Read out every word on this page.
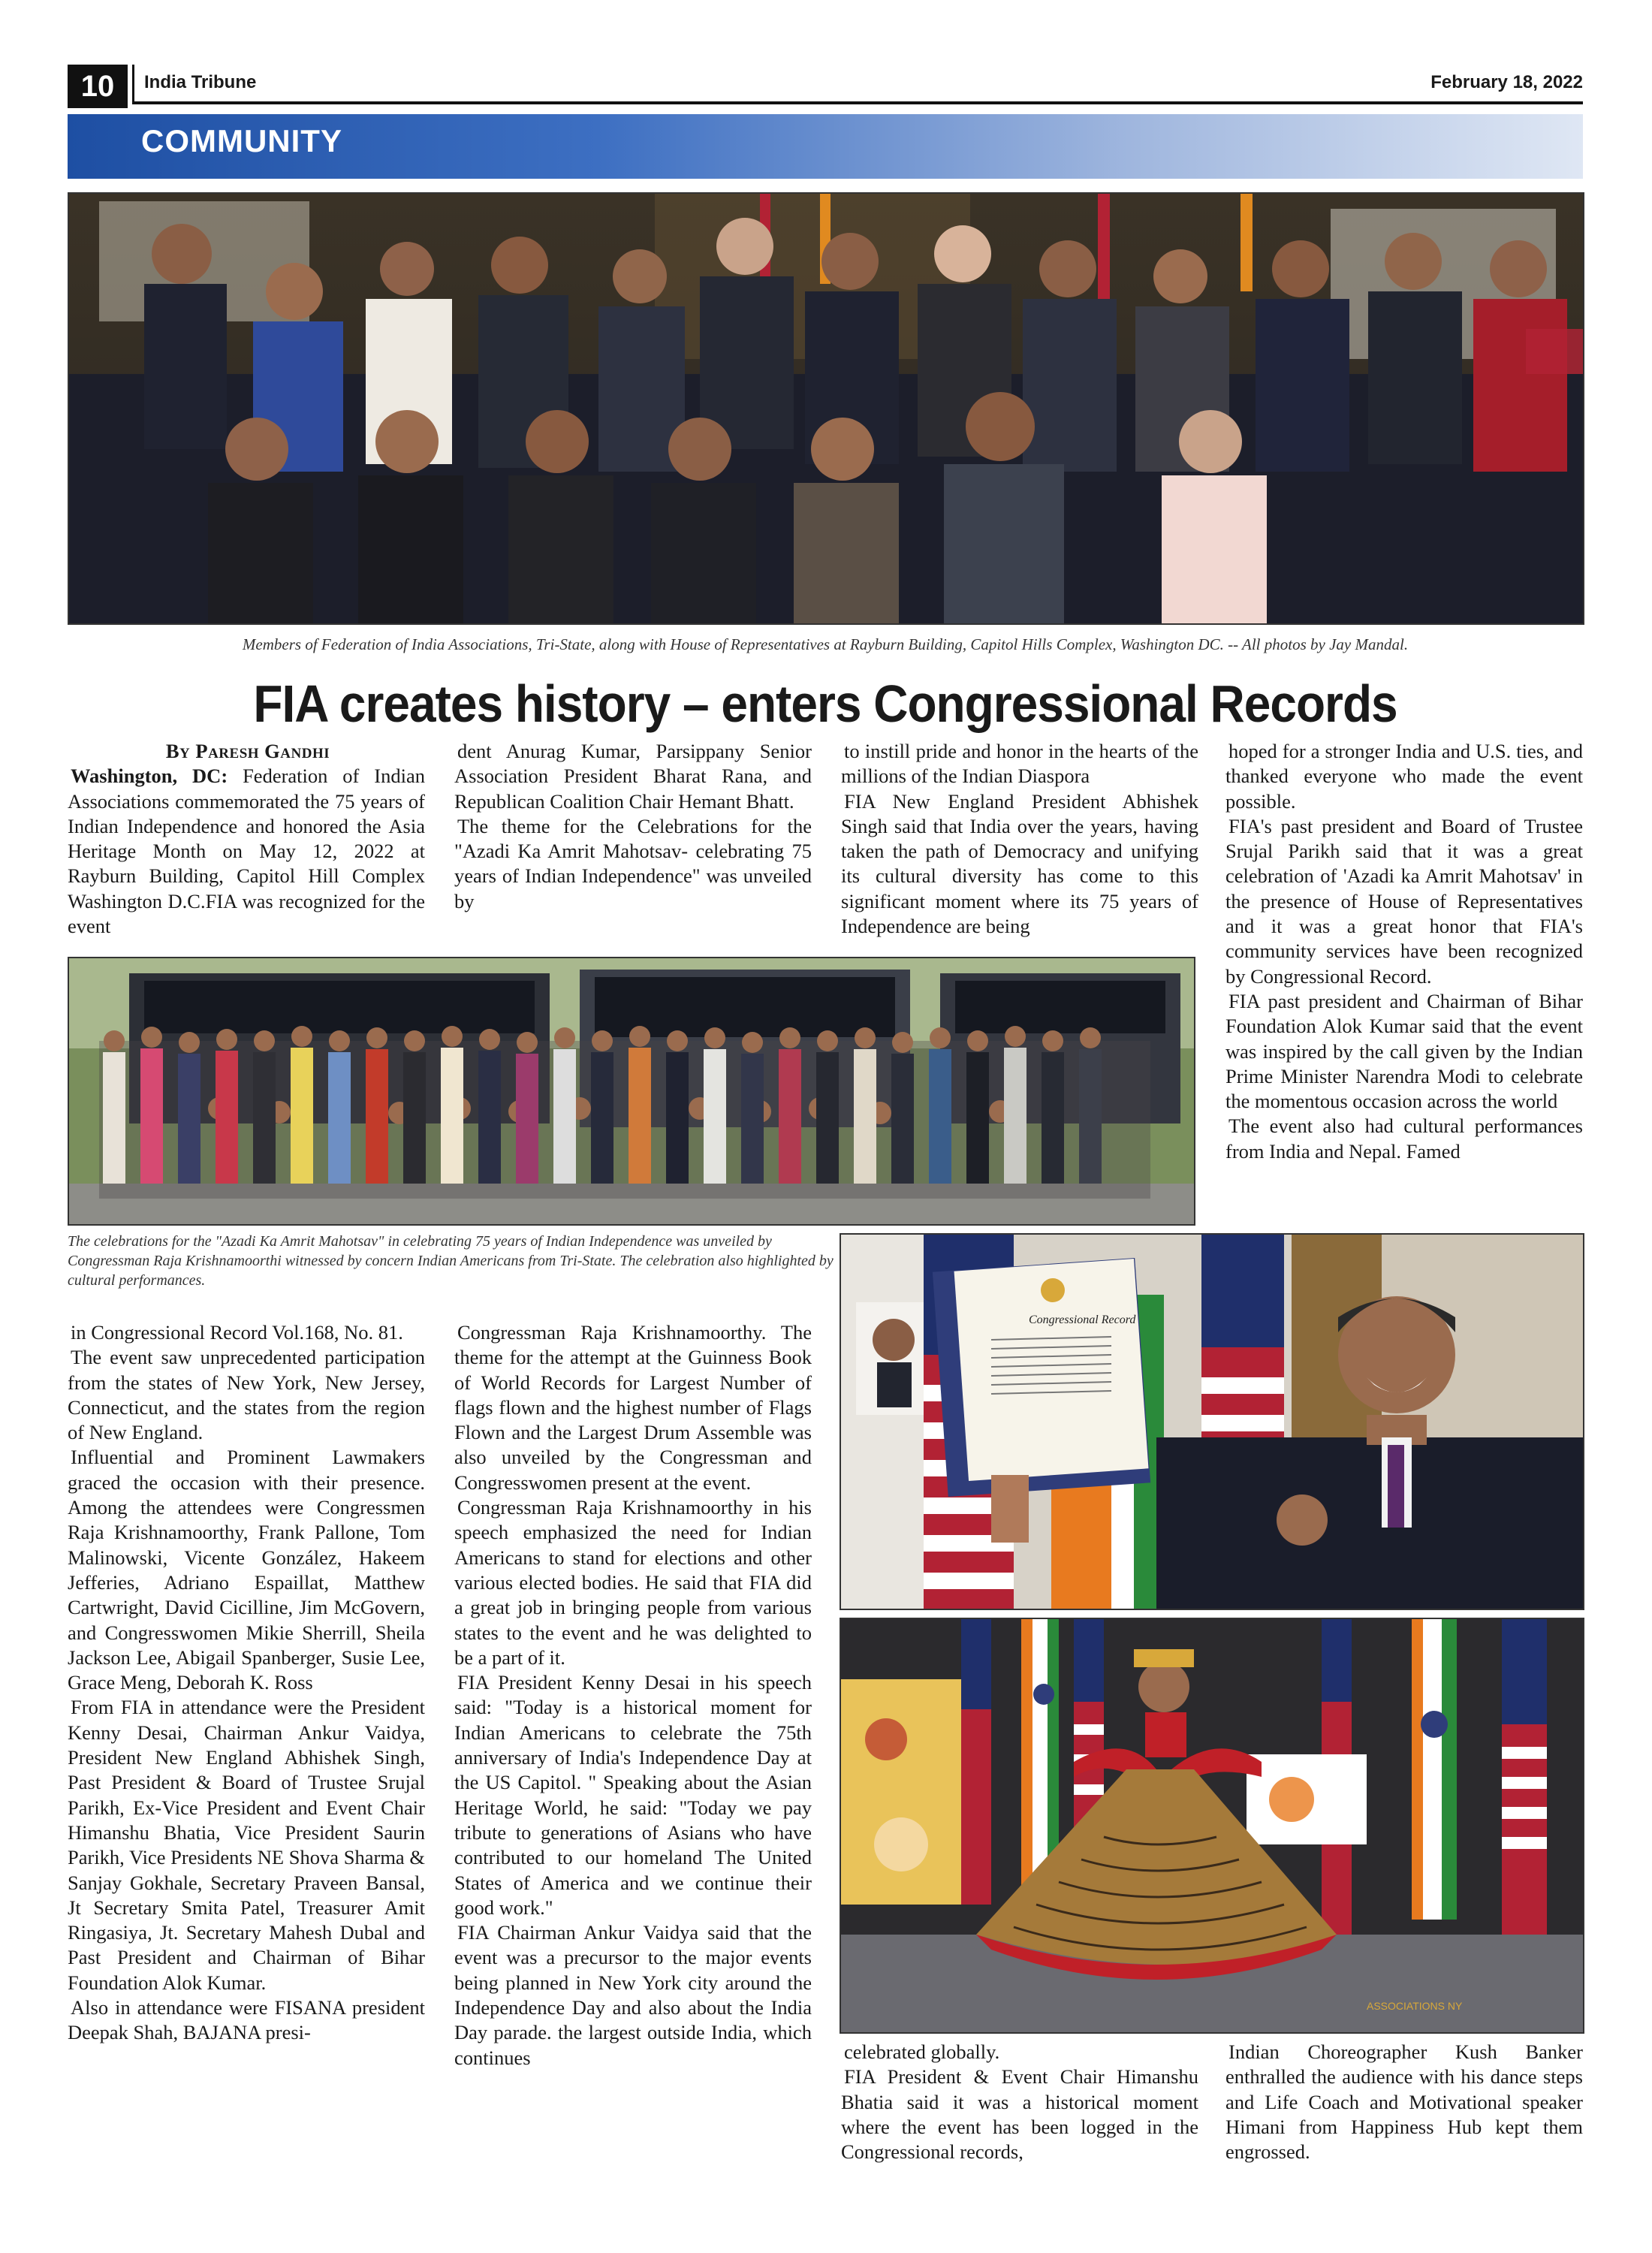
10	India Tribune	February 18, 2022
COMMUNITY
Members of Federation of India Associations, Tri-State, along with House of Representatives at Rayburn Building, Capitol Hills Complex, Washington DC. -- All photos by Jay Mandal.
FIA creates history – enters Congressional Records

By Paresh Gandhi

Washington, DC: Federation of Indian Associations commemorated the 75 years of Indian Independence and honored the Asia Heritage Month on May 12, 2022 at Rayburn Building, Capitol Hill Complex Washington D.C.FIA was recognized for the event

dent Anurag Kumar, Parsippany Senior Association President Bharat Rana, and Republican Coalition Chair Hemant Bhatt.

The theme for the Celebrations for the "Azadi Ka Amrit Mahotsav- celebrating 75 years of Indian Independence" was unveiled by

to instill pride and honor in the hearts of the millions of the Indian Diaspora

FIA New England President Abhishek Singh said that India over the years, having taken the path of Democracy and unifying its cultural diversity has come to this significant moment where its 75 years of Independence are being

hoped for a stronger India and U.S. ties, and thanked everyone who made the event possible.

FIA's past president and Board of Trustee Srujal Parikh said that it was a great celebration of 'Azadi ka Amrit Mahotsav' in the presence of House of Representatives and it was a great honor that FIA's community services have been recognized by Congressional Record.

FIA past president and Chairman of Bihar Foundation Alok Kumar said that the event was inspired by the call given by the Indian Prime Minister Narendra Modi to celebrate the momentous occasion across the world

The event also had cultural performances from India and Nepal. Famed

The celebrations for the "Azadi Ka Amrit Mahotsav" in celebrating 75 years of Indian Independence was unveiled by Congressman Raja Krishnamoorthi witnessed by concern Indian Americans from Tri-State. The celebration also highlighted by cultural performances.
Congressional Record
ASSOCIATIONS NY

in Congressional Record Vol.168, No. 81.

The event saw unprecedented participation from the states of New York, New Jersey, Connecticut, and the states from the region of New England.

Influential and Prominent Lawmakers graced the occasion with their presence. Among the attendees were Congressmen Raja Krishnamoorthy, Frank Pallone, Tom Malinowski, Vicente González, Hakeem Jefferies, Adriano Espaillat, Matthew Cartwright, David Cicilline, Jim McGovern, and Congresswomen Mikie Sherrill, Sheila Jackson Lee, Abigail Spanberger, Susie Lee, Grace Meng, Deborah K. Ross

From FIA in attendance were the President Kenny Desai, Chairman Ankur Vaidya, President New England Abhishek Singh, Past President & Board of Trustee Srujal Parikh, Ex-Vice President and Event Chair Himanshu Bhatia, Vice President Saurin Parikh, Vice Presidents NE Shova Sharma & Sanjay Gokhale, Secretary Praveen Bansal, Jt Secretary Smita Patel, Treasurer Amit Ringasiya, Jt. Secretary Mahesh Dubal and Past President and Chairman of Bihar Foundation Alok Kumar.

Also in attendance were FISANA president Deepak Shah, BAJANA presi-

Congressman Raja Krishnamoorthy. The theme for the attempt at the Guinness Book of World Records for Largest Number of flags flown and the highest number of Flags Flown and the Largest Drum Assemble was also unveiled by the Congressman and Congresswomen present at the event.

Congressman Raja Krishnamoorthy in his speech emphasized the need for Indian Americans to stand for elections and other various elected bodies. He said that FIA did a great job in bringing people from various states to the event and he was delighted to be a part of it.

FIA President Kenny Desai in his speech said: "Today is a historical moment for Indian Americans to celebrate the 75th anniversary of India's Independence Day at the US Capitol. " Speaking about the Asian Heritage World, he said: "Today we pay tribute to generations of Asians who have contributed to our homeland The United States of America and we continue their good work."

FIA Chairman Ankur Vaidya said that the event was a precursor to the major events being planned in New York city around the Independence Day and also about the India Day parade. the largest outside India, which continues	celebrated globally.

FIA President & Event Chair Himanshu Bhatia said it was a historical moment where the event has been logged in the Congressional records,

Indian Choreographer Kush Banker enthralled the audience with his dance steps and Life Coach and Motivational speaker Himani from Happiness Hub kept them engrossed.
